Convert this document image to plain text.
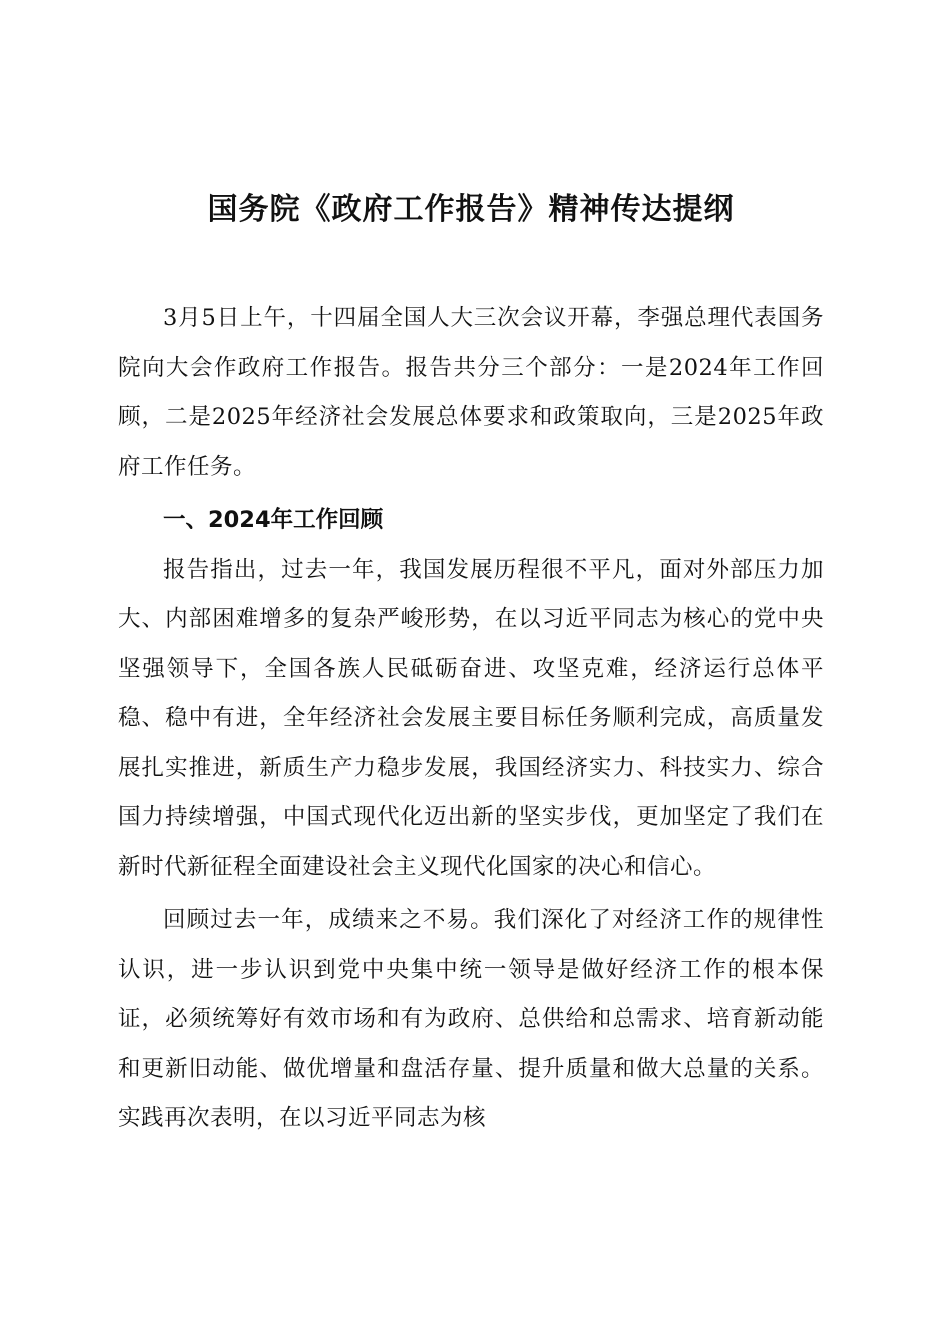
国务院《政府工作报告》精神传达提纲

3月5日上午，十四届全国人大三次会议开幕，李强总理代表国务院向大会作政府工作报告。报告共分三个部分：一是2024年工作回顾，二是2025年经济社会发展总体要求和政策取向，三是2025年政府工作任务。

一、2024年工作回顾

报告指出，过去一年，我国发展历程很不平凡，面对外部压力加大、内部困难增多的复杂严峻形势，在以习近平同志为核心的党中央坚强领导下，全国各族人民砥砺奋进、攻坚克难，经济运行总体平稳、稳中有进，全年经济社会发展主要目标任务顺利完成，高质量发展扎实推进，新质生产力稳步发展，我国经济实力、科技实力、综合国力持续增强，中国式现代化迈出新的坚实步伐，更加坚定了我们在新时代新征程全面建设社会主义现代化国家的决心和信心。

回顾过去一年，成绩来之不易。我们深化了对经济工作的规律性认识，进一步认识到党中央集中统一领导是做好经济工作的根本保证，必须统筹好有效市场和有为政府、总供给和总需求、培育新动能和更新旧动能、做优增量和盘活存量、提升质量和做大总量的关系。实践再次表明，在以习近平同志为核
